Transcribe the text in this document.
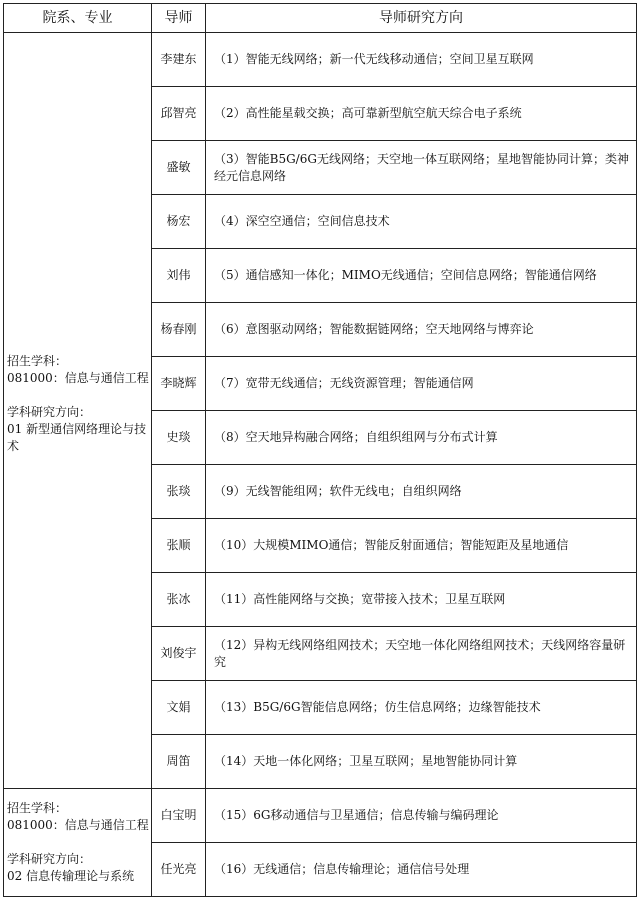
院系、专业	导师	导师研究方向

招生学科：
081000：信息与通信工程
学科研究方向：
01 新型通信网络理论与技术	李建东	（1）智能无线网络；新一代无线移动通信；空间卫星互联网
	邱智亮	（2）高性能星载交换；高可靠新型航空航天综合电子系统
	盛敏	（3）智能B5G/6G无线网络；天空地一体互联网络；星地智能协同计算；类神经元信息网络
	杨宏	（4）深空空通信；空间信息技术
	刘伟	（5）通信感知一体化；MIMO无线通信；空间信息网络；智能通信网络
	杨春刚	（6）意图驱动网络；智能数据链网络；空天地网络与博弈论
	李晓辉	（7）宽带无线通信；无线资源管理；智能通信网
	史琰	（8）空天地异构融合网络；自组织组网与分布式计算
	张琰	（9）无线智能组网；软件无线电；自组织网络
	张顺	（10）大规模MIMO通信；智能反射面通信；智能短距及星地通信
	张冰	（11）高性能网络与交换；宽带接入技术；卫星互联网
	刘俊宇	（12）异构无线网络组网技术；天空地一体化网络组网技术；天线网络容量研究
	文娟	（13）B5G/6G智能信息网络；仿生信息网络；边缘智能技术
	周笛	（14）天地一体化网络；卫星互联网；星地智能协同计算

招生学科：
081000：信息与通信工程
学科研究方向：
02 信息传输理论与系统	白宝明	（15）6G移动通信与卫星通信；信息传输与编码理论
	任光亮	（16）无线通信；信息传输理论；通信信号处理
